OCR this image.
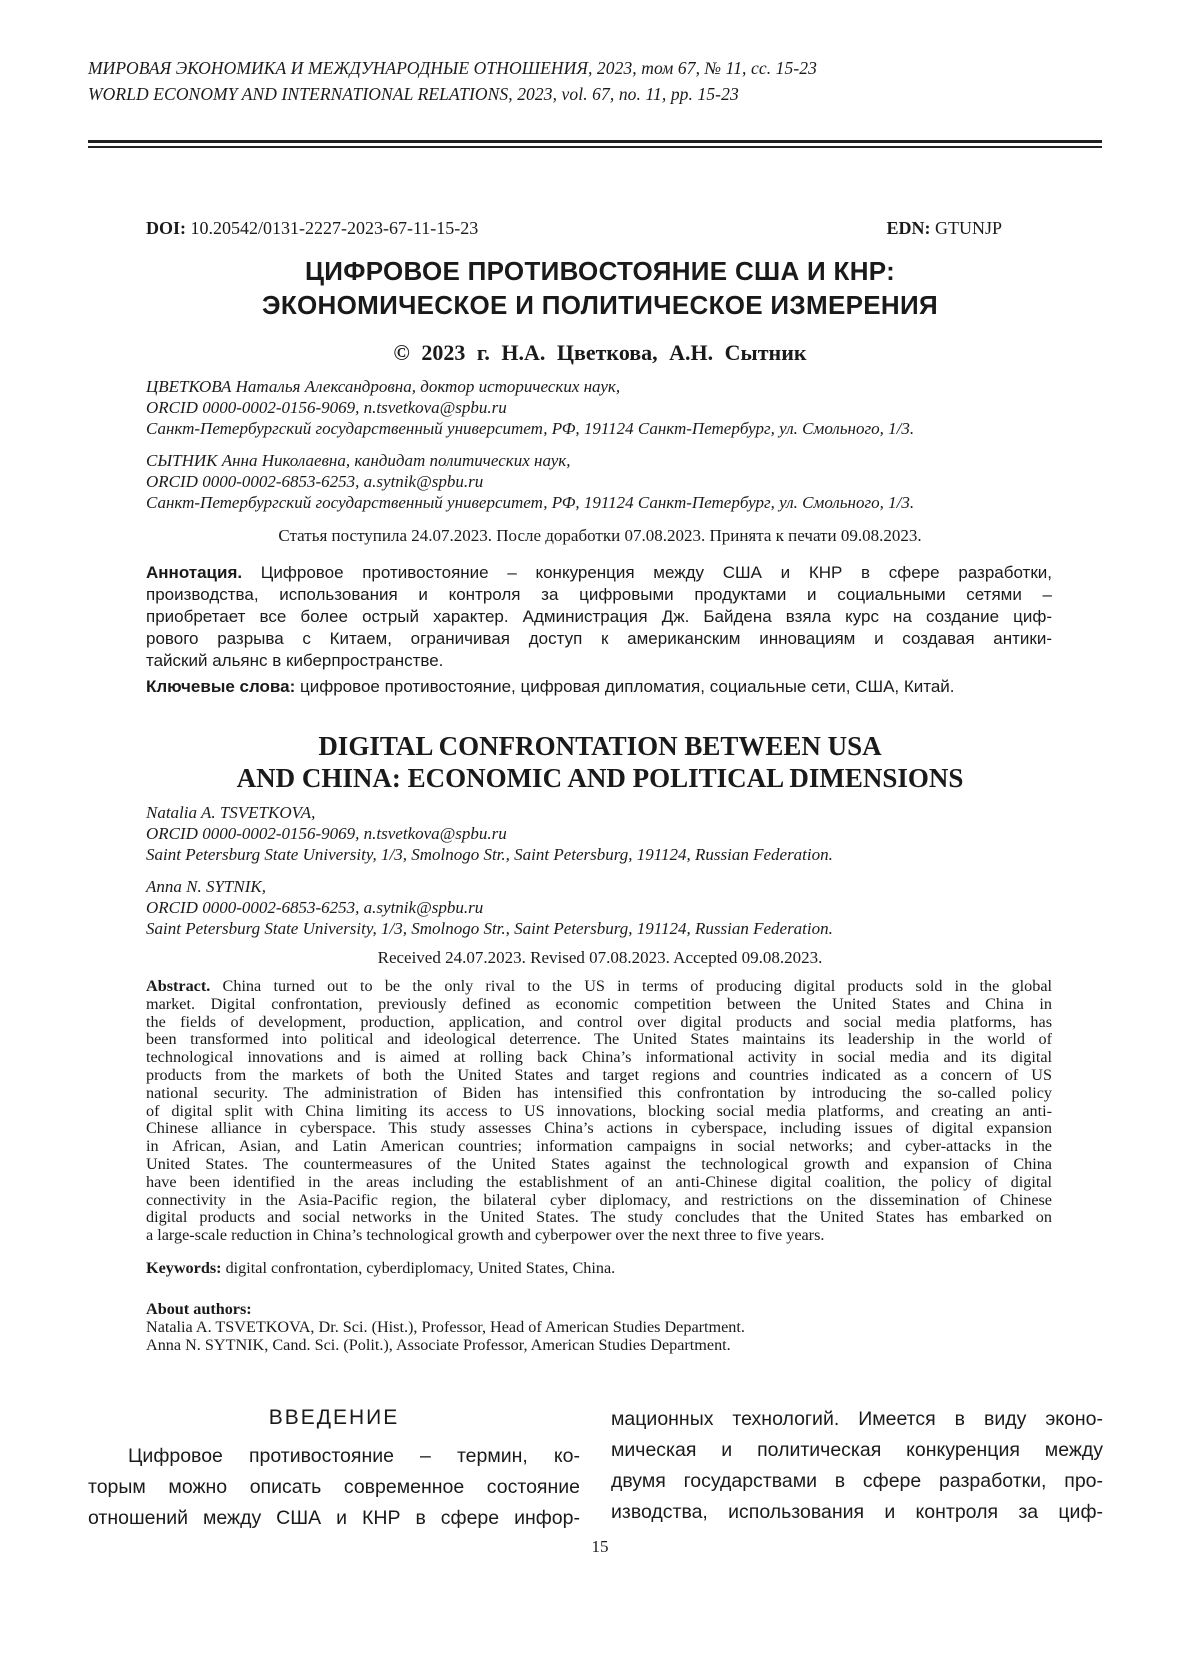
МИРОВАЯ ЭКОНОМИКА И МЕЖДУНАРОДНЫЕ ОТНОШЕНИЯ, 2023, том 67, № 11, сс. 15-23
WORLD ECONOMY AND INTERNATIONAL RELATIONS, 2023, vol. 67, no. 11, pp. 15-23
DOI: 10.20542/0131-2227-2023-67-11-15-23	EDN: GTUNJP
ЦИФРОВОЕ ПРОТИВОСТОЯНИЕ США И КНР:
ЭКОНОМИЧЕСКОЕ И ПОЛИТИЧЕСКОЕ ИЗМЕРЕНИЯ
© 2023 г. Н.А. Цветкова, А.Н. Сытник
ЦВЕТКОВА Наталья Александровна, доктор исторических наук,
ORCID 0000-0002-0156-9069, n.tsvetkova@spbu.ru
Санкт-Петербургский государственный университет, РФ, 191124 Санкт-Петербург, ул. Смольного, 1/3.
СЫТНИК Анна Николаевна, кандидат политических наук,
ORCID 0000-0002-6853-6253, a.sytnik@spbu.ru
Санкт-Петербургский государственный университет, РФ, 191124 Санкт-Петербург, ул. Смольного, 1/3.
Статья поступила 24.07.2023. После доработки 07.08.2023. Принята к печати 09.08.2023.
Аннотация. Цифровое противостояние – конкуренция между США и КНР в сфере разработки,
производства, использования и контроля за цифровыми продуктами и социальными сетями –
приобретает все более острый характер. Администрация Дж. Байдена взяла курс на создание циф-
рового разрыва с Китаем, ограничивая доступ к американским инновациям и создавая антики-
тайский альянс в киберпространстве.
Ключевые слова: цифровое противостояние, цифровая дипломатия, социальные сети, США, Китай.
DIGITAL CONFRONTATION BETWEEN USA
AND CHINA: ECONOMIC AND POLITICAL DIMENSIONS
Natalia A. TSVETKOVA,
ORCID 0000-0002-0156-9069, n.tsvetkova@spbu.ru
Saint Petersburg State University, 1/3, Smolnogo Str., Saint Petersburg, 191124, Russian Federation.
Anna N. SYTNIK,
ORCID 0000-0002-6853-6253, a.sytnik@spbu.ru
Saint Petersburg State University, 1/3, Smolnogo Str., Saint Petersburg, 191124, Russian Federation.
Received 24.07.2023. Revised 07.08.2023. Accepted 09.08.2023.
Abstract. China turned out to be the only rival to the US in terms of producing digital products sold in the global
market. Digital confrontation, previously defined as economic competition between the United States and China in
the fields of development, production, application, and control over digital products and social media platforms, has
been transformed into political and ideological deterrence. The United States maintains its leadership in the world of
technological innovations and is aimed at rolling back China’s informational activity in social media and its digital
products from the markets of both the United States and target regions and countries indicated as a concern of US
national security. The administration of Biden has intensified this confrontation by introducing the so-called policy
of digital split with China limiting its access to US innovations, blocking social media platforms, and creating an anti-
Chinese alliance in cyberspace. This study assesses China’s actions in cyberspace, including issues of digital expansion
in African, Asian, and Latin American countries; information campaigns in social networks; and cyber-attacks in the
United States. The countermeasures of the United States against the technological growth and expansion of China
have been identified in the areas including the establishment of an anti-Chinese digital coalition, the policy of digital
connectivity in the Asia-Pacific region, the bilateral cyber diplomacy, and restrictions on the dissemination of Chinese
digital products and social networks in the United States. The study concludes that the United States has embarked on
a large-scale reduction in China’s technological growth and cyberpower over the next three to five years.
Keywords: digital confrontation, cyberdiplomacy, United States, China.
About authors:
Natalia A. TSVETKOVA, Dr. Sci. (Hist.), Professor, Head of American Studies Department.
Anna N. SYTNIK, Cand. Sci. (Polit.), Associate Professor, American Studies Department.
ВВЕДЕНИЕ
Цифровое противостояние – термин, ко-
торым можно описать современное состояние
отношений между США и КНР в сфере инфор-
мационных технологий. Имеется в виду эконо-
мическая и политическая конкуренция между
двумя государствами в сфере разработки, про-
изводства, использования и контроля за циф-
15
